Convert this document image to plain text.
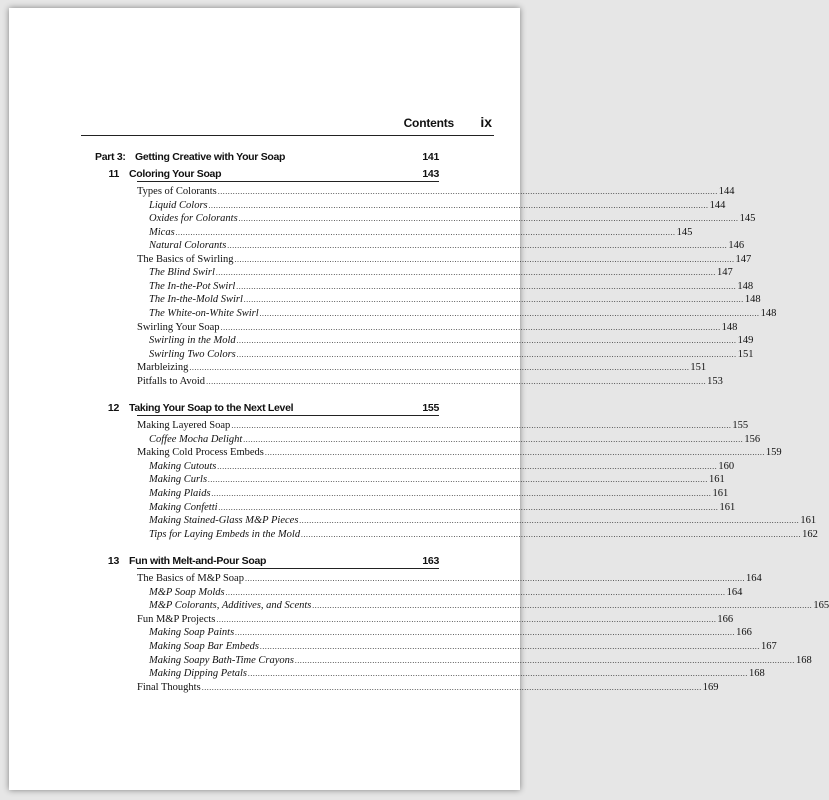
Contents ix
Part 3: Getting Creative with Your Soap	141
11 Coloring Your Soap	143
Types of Colorants ........................................................................................................................................................................................................ 144
Liquid Colors ........................................................................................................................................................................................................ 144
Oxides for Colorants ........................................................................................................................................................................................................ 145
Micas ........................................................................................................................................................................................................ 145
Natural Colorants ........................................................................................................................................................................................................ 146
The Basics of Swirling ........................................................................................................................................................................................................ 147
The Blind Swirl ........................................................................................................................................................................................................ 147
The In-the-Pot Swirl ........................................................................................................................................................................................................ 148
The In-the-Mold Swirl ........................................................................................................................................................................................................ 148
The White-on-White Swirl ........................................................................................................................................................................................................ 148
Swirling Your Soap ........................................................................................................................................................................................................ 148
Swirling in the Mold ........................................................................................................................................................................................................ 149
Swirling Two Colors ........................................................................................................................................................................................................ 151
Marbleizing ........................................................................................................................................................................................................ 151
Pitfalls to Avoid ........................................................................................................................................................................................................ 153
12 Taking Your Soap to the Next Level	155
Making Layered Soap ........................................................................................................................................................................................................ 155
Coffee Mocha Delight ........................................................................................................................................................................................................ 156
Making Cold Process Embeds ........................................................................................................................................................................................................ 159
Making Cutouts ........................................................................................................................................................................................................ 160
Making Curls ........................................................................................................................................................................................................ 161
Making Plaids ........................................................................................................................................................................................................ 161
Making Confetti ........................................................................................................................................................................................................ 161
Making Stained-Glass M&P Pieces ........................................................................................................................................................................................................ 161
Tips for Laying Embeds in the Mold ........................................................................................................................................................................................................ 162
13 Fun with Melt-and-Pour Soap	163
The Basics of M&P Soap ........................................................................................................................................................................................................ 164
M&P Soap Molds ........................................................................................................................................................................................................ 164
M&P Colorants, Additives, and Scents ........................................................................................................................................................................................................ 165
Fun M&P Projects ........................................................................................................................................................................................................ 166
Making Soap Paints ........................................................................................................................................................................................................ 166
Making Soap Bar Embeds ........................................................................................................................................................................................................ 167
Making Soapy Bath-Time Crayons ........................................................................................................................................................................................................ 168
Making Dipping Petals ........................................................................................................................................................................................................ 168
Final Thoughts ........................................................................................................................................................................................................ 169
